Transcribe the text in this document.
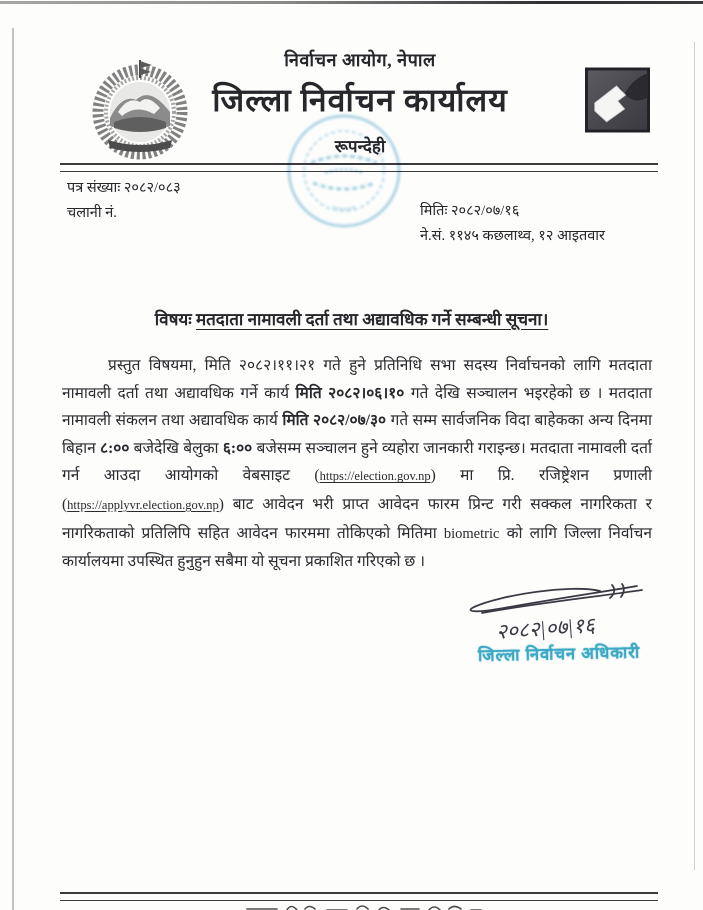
निर्वाचन आयोग, नेपाल
जिल्ला निर्वाचन कार्यालय
रूपन्देही
पत्र संख्याः २०८२/०८३
चलानी नं.	मितिः २०८२/०७/१६
ने.सं. ११४५ कछलाथ्व, १२ आइतवार
विषयः मतदाता नामावली दर्ता तथा अद्यावधिक गर्ने सम्बन्धी सूचना।
प्रस्तुत विषयमा, मिति २०८२।११।२१ गते हुने प्रतिनिधि सभा सदस्य निर्वाचनको लागि मतदाता नामावली दर्ता तथा अद्यावधिक गर्ने कार्य मिति २०८२।०६।१० गते देखि सञ्चालन भइरहेको छ । मतदाता नामावली संकलन तथा अद्यावधिक कार्य मिति २०८२/०७/३० गते सम्म सार्वजनिक विदा बाहेकका अन्य दिनमा बिहान ८:०० बजेदेखि बेलुका ६:०० बजेसम्म सञ्चालन हुने व्यहोरा जानकारी गराइन्छ। मतदाता नामावली दर्ता गर्न आउदा आयोगको वेबसाइट (https://election.gov.np) मा प्रि. रजिष्ट्रेशन प्रणाली (https://applyvr.election.gov.np) बाट आवेदन भरी प्राप्त आवेदन फारम प्रिन्ट गरी सक्कल नागरिकता र नागरिकताको प्रतिलिपि सहित आवेदन फारममा तोकिएको मितिमा biometric को लागि जिल्ला निर्वाचन कार्यालयमा उपस्थित हुनुहुन सबैमा यो सूचना प्रकाशित गरिएको छ ।
२०८२|०७|१६
जिल्ला निर्वाचन अधिकारी
